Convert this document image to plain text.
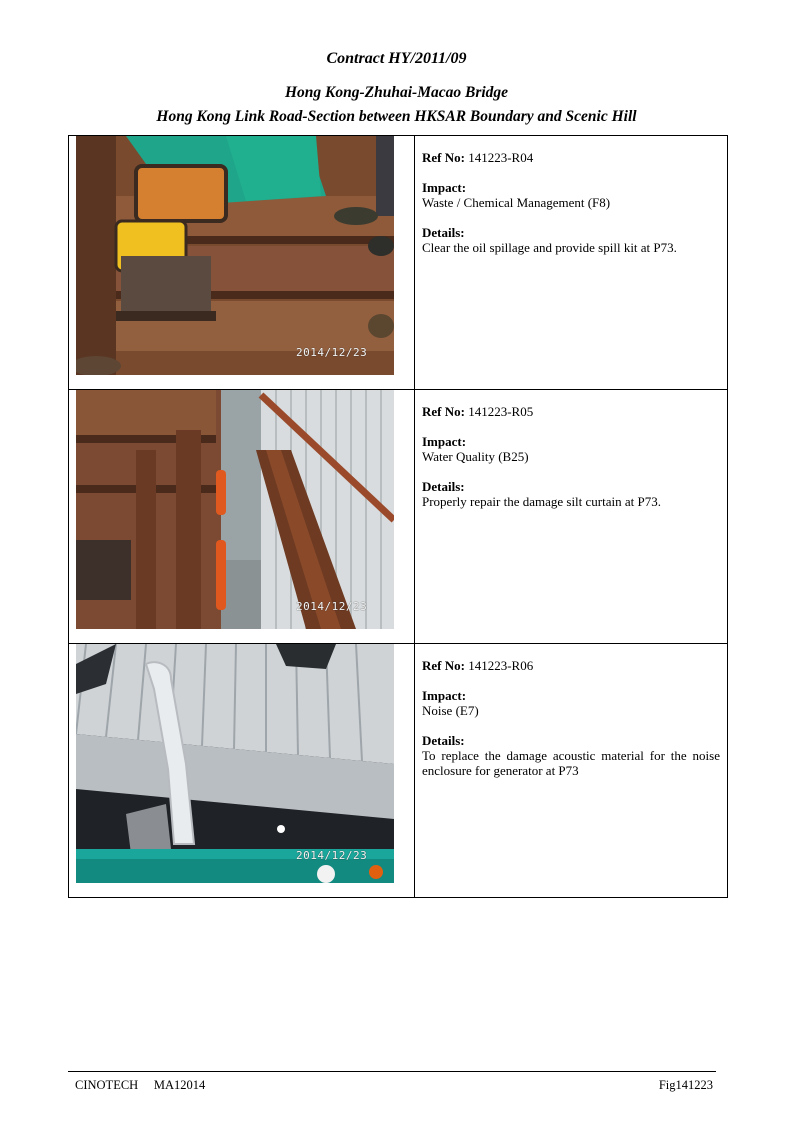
Contract HY/2011/09
Hong Kong-Zhuhai-Macao Bridge
Hong Kong Link Road-Section between HKSAR Boundary and Scenic Hill
2014/12/23	Ref No: 141223-R04
Impact:
Waste / Chemical Management (F8)
Details:
Clear the oil spillage and provide spill kit at P73.

2014/12/23	Ref No: 141223-R05
Impact:
Water Quality (B25)
Details:
Properly repair the damage silt curtain at P73.

2014/12/23	Ref No: 141223-R06
Impact:
Noise (E7)
Details:
To replace the damage acoustic material for the noise enclosure for generator at P73
CINOTECH MA12014	Fig141223
